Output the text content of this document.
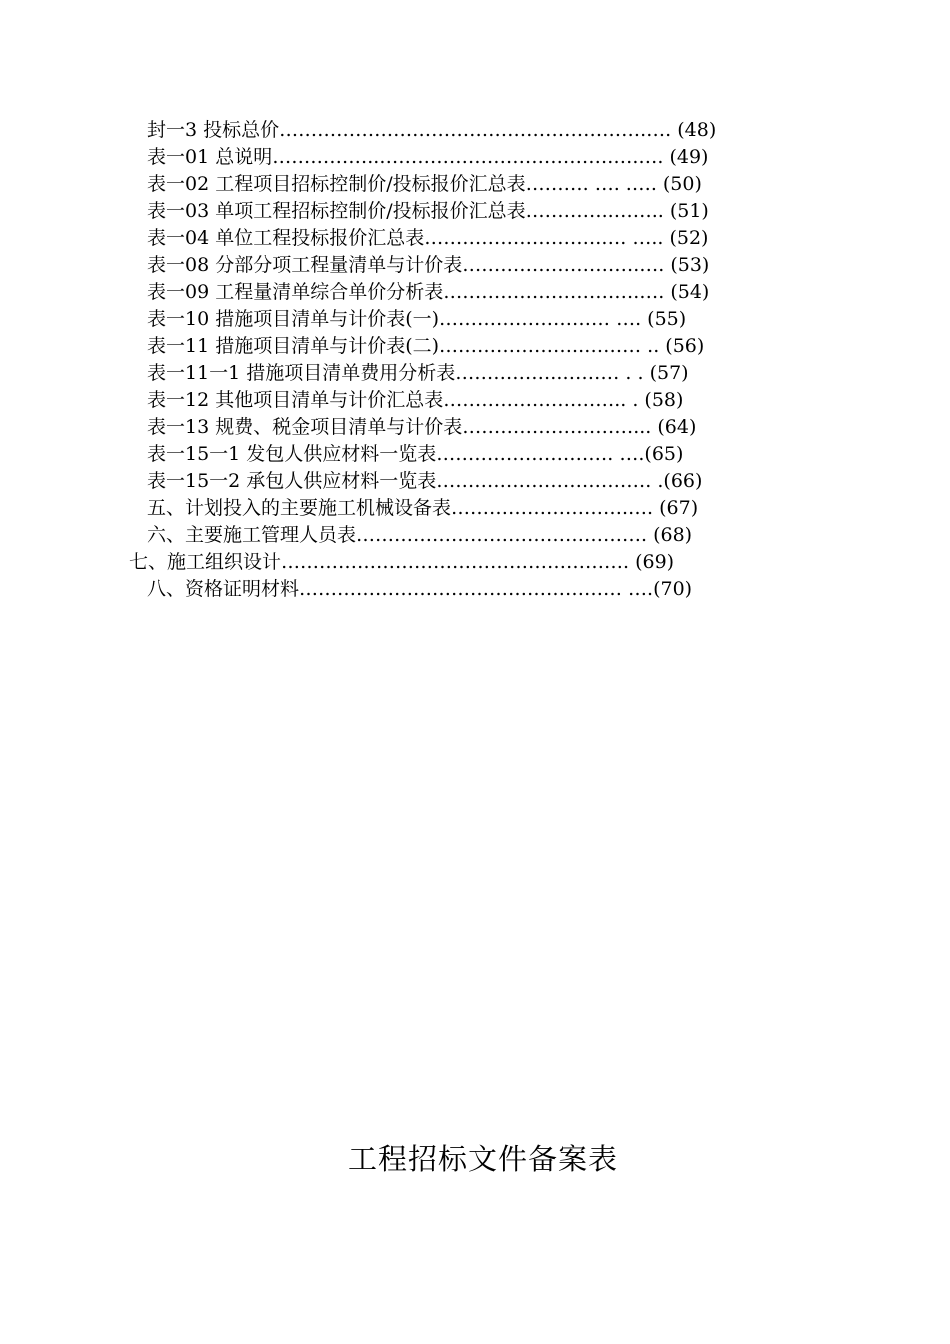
封一3 投标总价………………………………………………….…. (48)
表一01 总说明……………..……………………………….….…. (49)
表一02 工程项目招标控制价/投标报价汇总表………. …. .…. (50)
表一03 单项工程招标控制价/投标报价汇总表…………..…….. (51)
表一04 单位工程投标报价汇总表……………………….…. ….. (52)
表一08 分部分项工程量清单与计价表……………………….…. (53)
表一09 工程量清单综合单价分析表………………………….…. (54)
表一10 措施项目清单与计价表(一)……………………… …. (55)
表一11 措施项目清单与计价表(二)…………………..……… .. (56)
表一11一1 措施项目清单费用分析表……………..……… . . (57)
表一12 其他项目清单与计价汇总表……………………….. . (58)
表一13 规费、税金项目清单与计价表………………………... (64)
表一15一1 发包人供应材料一览表………………………. ….(65)
表一15一2 承包人供应材料一览表……………………………. .(66)
五、计划投入的主要施工机械设备表……………………….…. (67)
六、主要施工管理人员表………………………………………. (68)
七、施工组织设计………………………………………………. (69)
八、资格证明材料…………………………………………… ….(70)
工程招标文件备案表
